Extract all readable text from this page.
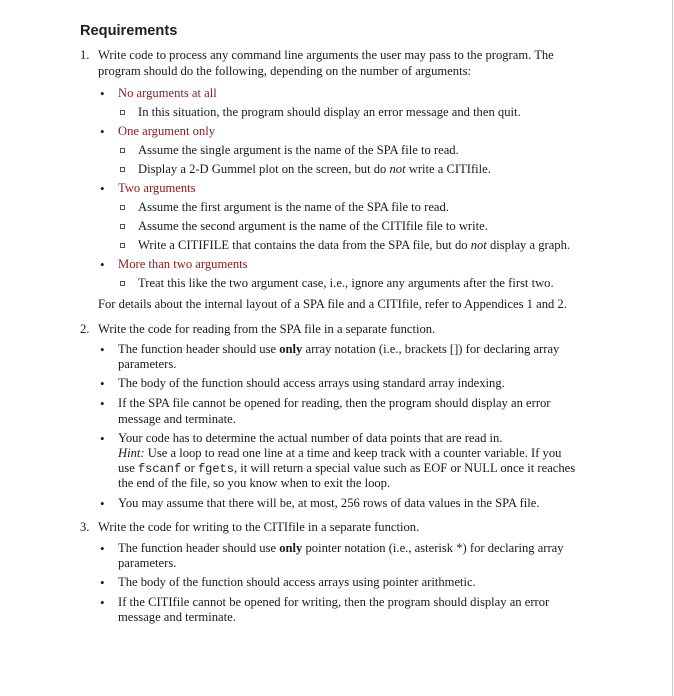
Requirements
1. Write code to process any command line arguments the user may pass to the program. The
program should do the following, depending on the number of arguments:
• No arguments at all
In this situation, the program should display an error message and then quit.
• One argument only
Assume the single argument is the name of the SPA file to read.
Display a 2-D Gummel plot on the screen, but do not write a CITIfile.
• Two arguments
Assume the first argument is the name of the SPA file to read.
Assume the second argument is the name of the CITIfile file to write.
Write a CITIFILE that contains the data from the SPA file, but do not display a graph.
• More than two arguments
Treat this like the two argument case, i.e., ignore any arguments after the first two.
For details about the internal layout of a SPA file and a CITIfile, refer to Appendices 1 and 2.
2. Write the code for reading from the SPA file in a separate function.
• The function header should use only array notation (i.e., brackets []) for declaring array
parameters.
• The body of the function should access arrays using standard array indexing.
• If the SPA file cannot be opened for reading, then the program should display an error
message and terminate.
• Your code has to determine the actual number of data points that are read in.
Hint: Use a loop to read one line at a time and keep track with a counter variable. If you
use fscanf or fgets, it will return a special value such as EOF or NULL once it reaches
the end of the file, so you know when to exit the loop.
• You may assume that there will be, at most, 256 rows of data values in the SPA file.
3. Write the code for writing to the CITIfile in a separate function.
• The function header should use only pointer notation (i.e., asterisk *) for declaring array
parameters.
• The body of the function should access arrays using pointer arithmetic.
• If the CITIfile cannot be opened for writing, then the program should display an error
message and terminate.
